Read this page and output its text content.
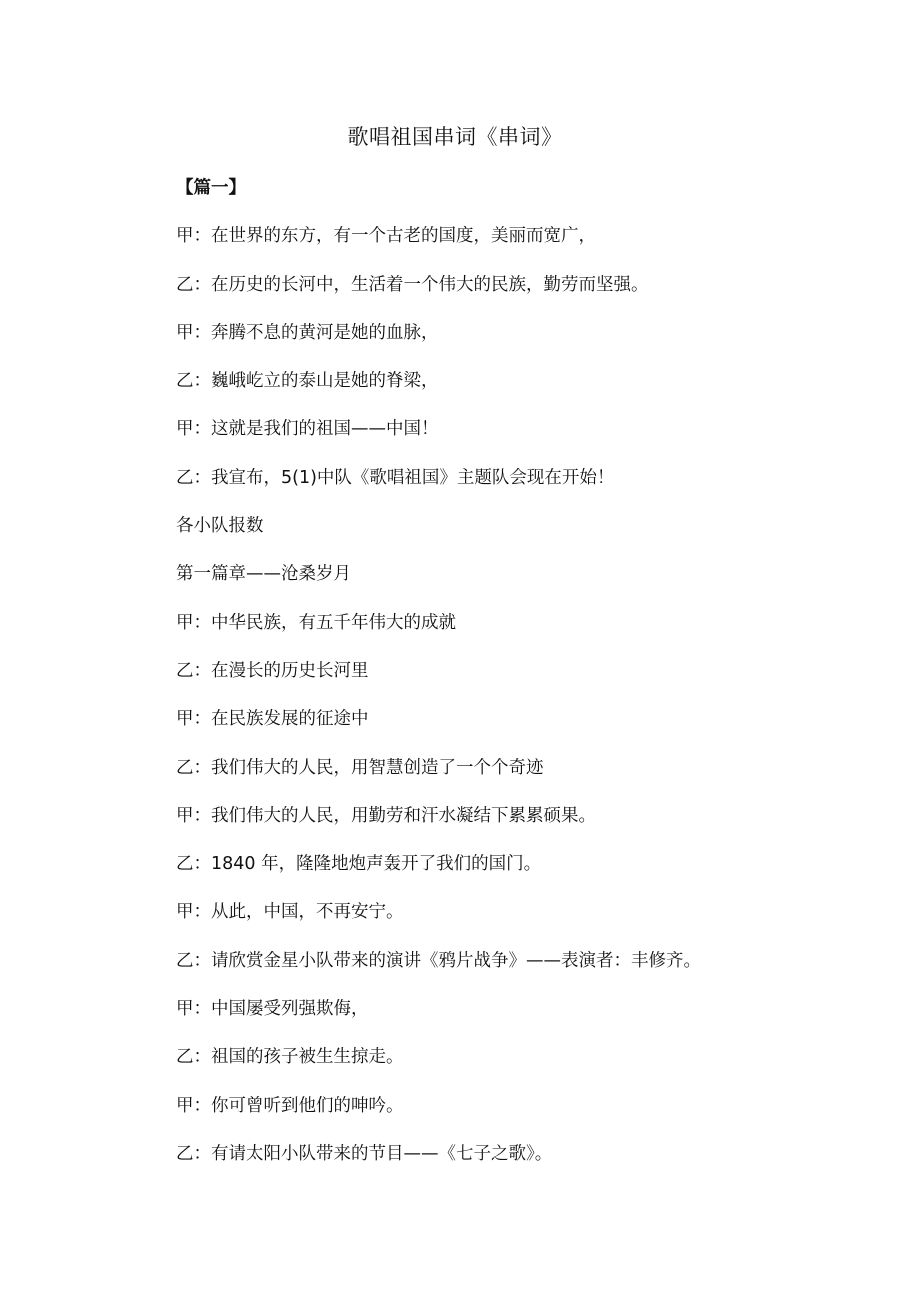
歌唱祖国串词《串词》
【篇一】
甲：在世界的东方，有一个古老的国度，美丽而宽广，
乙：在历史的长河中，生活着一个伟大的民族，勤劳而坚强。
甲：奔腾不息的黄河是她的血脉，
乙：巍峨屹立的泰山是她的脊梁，
甲：这就是我们的祖国——中国！
乙：我宣布，5(1)中队《歌唱祖国》主题队会现在开始！
各小队报数
第一篇章——沧桑岁月
甲：中华民族，有五千年伟大的成就
乙：在漫长的历史长河里
甲：在民族发展的征途中
乙：我们伟大的人民，用智慧创造了一个个奇迹
甲：我们伟大的人民，用勤劳和汗水凝结下累累硕果。
乙：1840 年，隆隆地炮声轰开了我们的国门。
甲：从此，中国，不再安宁。
乙：请欣赏金星小队带来的演讲《鸦片战争》——表演者：丰修齐。
甲：中国屡受列强欺侮，
乙：祖国的孩子被生生掠走。
甲：你可曾听到他们的呻吟。
乙：有请太阳小队带来的节目——《七子之歌》。
